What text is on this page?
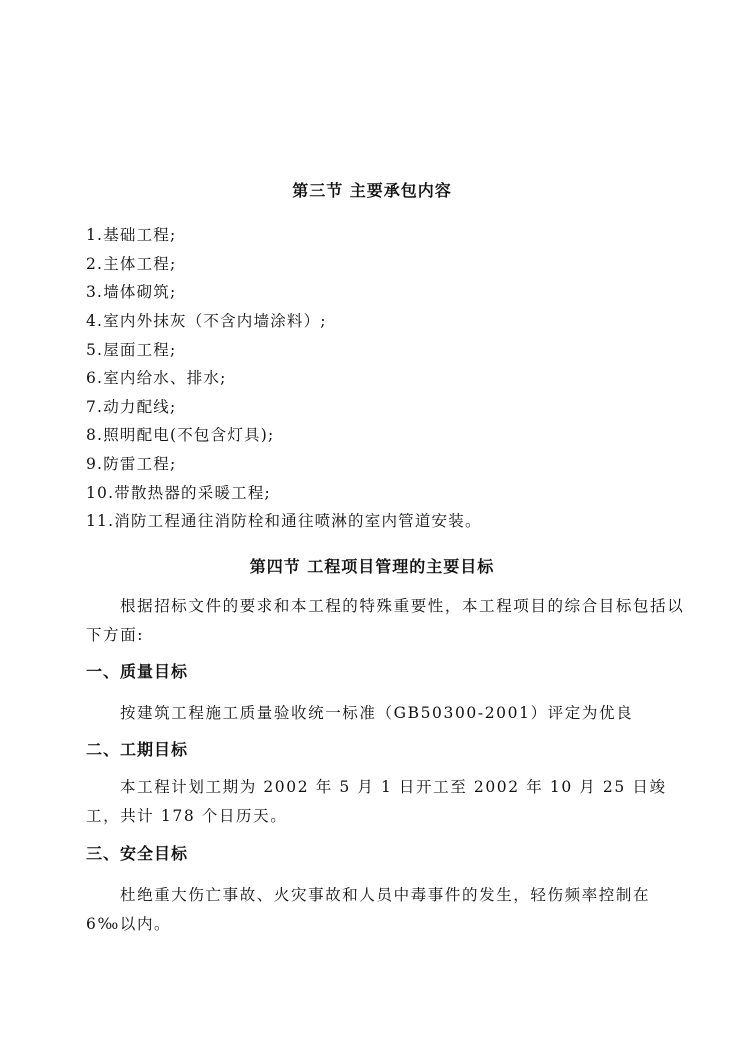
第三节 主要承包内容
1.基础工程;
2.主体工程;
3.墙体砌筑;
4.室内外抹灰（不含内墙涂料）;
5.屋面工程;
6.室内给水、排水;
7.动力配线;
8.照明配电(不包含灯具);
9.防雷工程;
10.带散热器的采暖工程;
11.消防工程通往消防栓和通往喷淋的室内管道安装。
第四节 工程项目管理的主要目标
根据招标文件的要求和本工程的特殊重要性，本工程项目的综合目标包括以下方面:
一、质量目标
按建筑工程施工质量验收统一标准（GB50300-2001）评定为优良
二、工期目标
本工程计划工期为 2002 年 5 月 1 日开工至 2002 年 10 月 25 日竣工，共计 178 个日历天。
三、安全目标
杜绝重大伤亡事故、火灾事故和人员中毒事件的发生，轻伤频率控制在 6‰以内。
